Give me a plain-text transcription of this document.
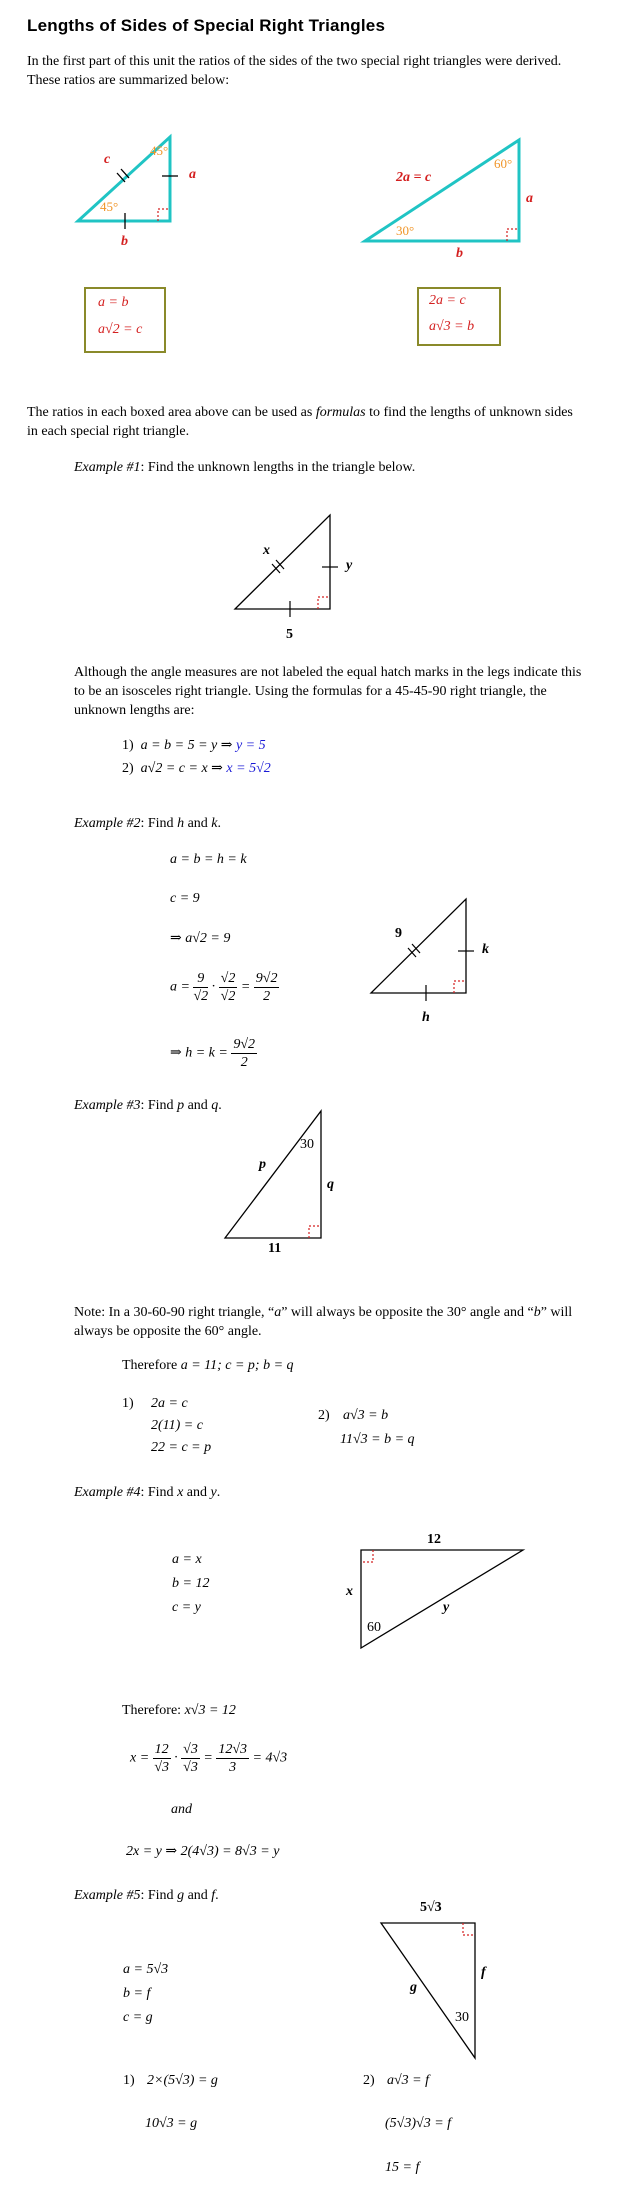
Lengths of Sides of Special Right Triangles
In the first part of this unit the ratios of the sides of the two special right triangles were derived. These ratios are summarized below:
c
a
b
45°
45°
2a = c
a
b
60°
30°
a = b
a√2 = c
2a = c
a√3 = b
The ratios in each boxed area above can be used as formulas to find the lengths of unknown sides in each special right triangle.
Example #1: Find the unknown lengths in the triangle below.
x
y
5
Although the angle measures are not labeled the equal hatch marks in the legs indicate this to be an isosceles right triangle. Using the formulas for a 45-45-90 right triangle, the unknown lengths are:
1) a = b = 5 = y ⇒ y = 5
2) a√2 = c = x ⇒ x = 5√2
Example #2: Find h and k.
a = b = h = k
c = 9
⇒ a√2 = 9
$a = \frac{9}{√2} \cdot \frac{√2}{√2} = \frac{9√2}{2}$
⇒ $h = k = \frac{9√2}{2}$
9
k
h
Example #3: Find p and q.
p
30
q
11
Note: In a 30-60-90 right triangle, “a” will always be opposite the 30° angle and “b” will always be opposite the 60° angle.
Therefore a = 11; c = p; b = q
1) 2a = c
2(11) = c
22 = c = p
2) a√3 = b
11√3 = b = q
Example #4: Find x and y.
a = x
b = 12
c = y
12
x
y
60
Therefore: x√3 = 12
$x = \frac{12}{√3} \cdot \frac{√3}{√3} = \frac{12√3}{3} = 4√3$
and
2x = y ⇒ 2(4√3) = 8√3 = y
Example #5: Find g and f.
5√3
f
g
30
a = 5√3
b = f
c = g
1) 2×(5√3) = g
10√3 = g
2) a√3 = f
(5√3)√3 = f
15 = f
